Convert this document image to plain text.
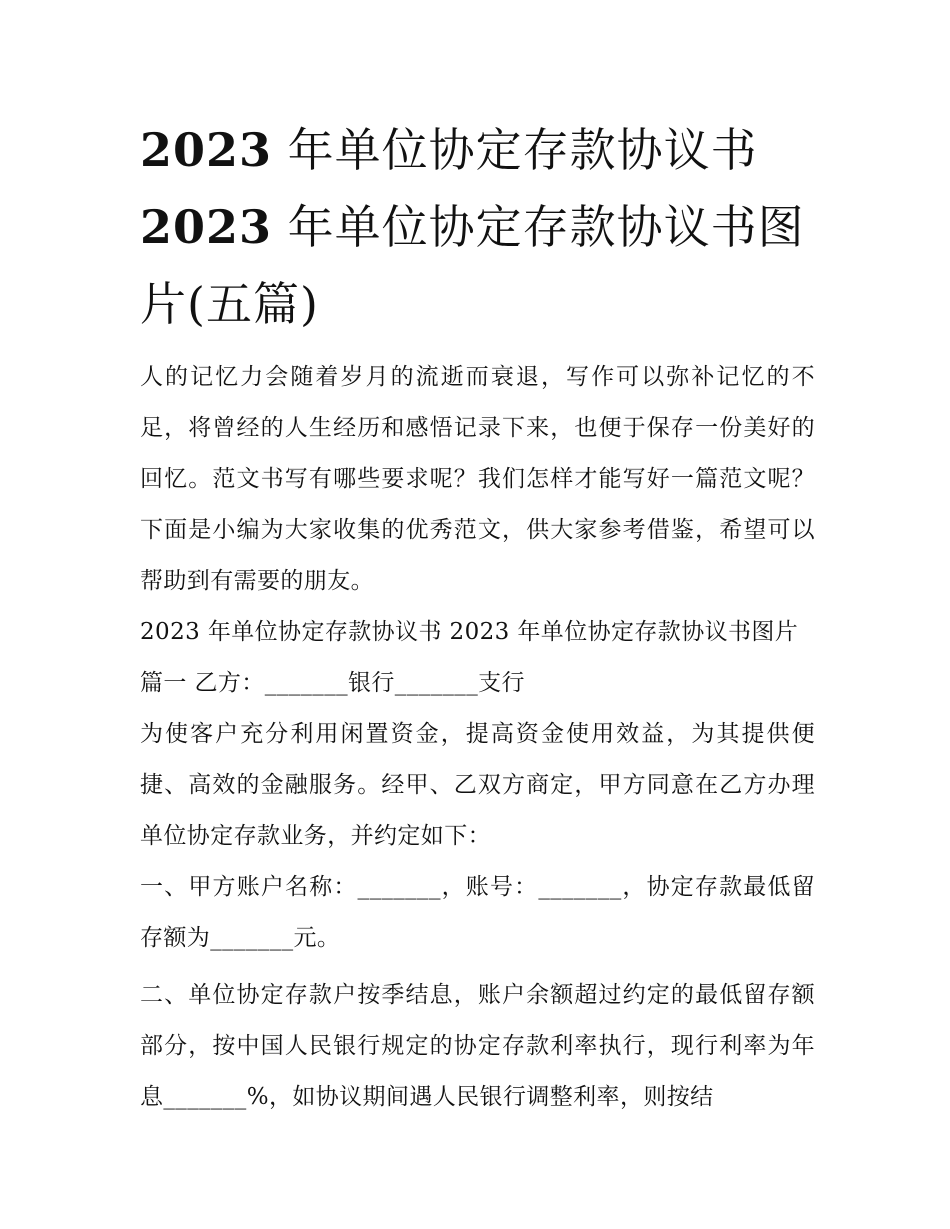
2023 年单位协定存款协议书
2023 年单位协定存款协议书图片(五篇)

人的记忆力会随着岁月的流逝而衰退，写作可以弥补记忆的不足，将曾经的人生经历和感悟记录下来，也便于保存一份美好的回忆。范文书写有哪些要求呢？我们怎样才能写好一篇范文呢？下面是小编为大家收集的优秀范文，供大家参考借鉴，希望可以帮助到有需要的朋友。

2023 年单位协定存款协议书 2023 年单位协定存款协议书图片

篇一 乙方：_______银行_______支行

为使客户充分利用闲置资金，提高资金使用效益，为其提供便捷、高效的金融服务。经甲、乙双方商定，甲方同意在乙方办理单位协定存款业务，并约定如下：

一、甲方账户名称：_______，账号：_______，协定存款最低留存额为_______元。

二、单位协定存款户按季结息，账户余额超过约定的最低留存额部分，按中国人民银行规定的协定存款利率执行，现行利率为年息_______%，如协议期间遇人民银行调整利率，则按结
